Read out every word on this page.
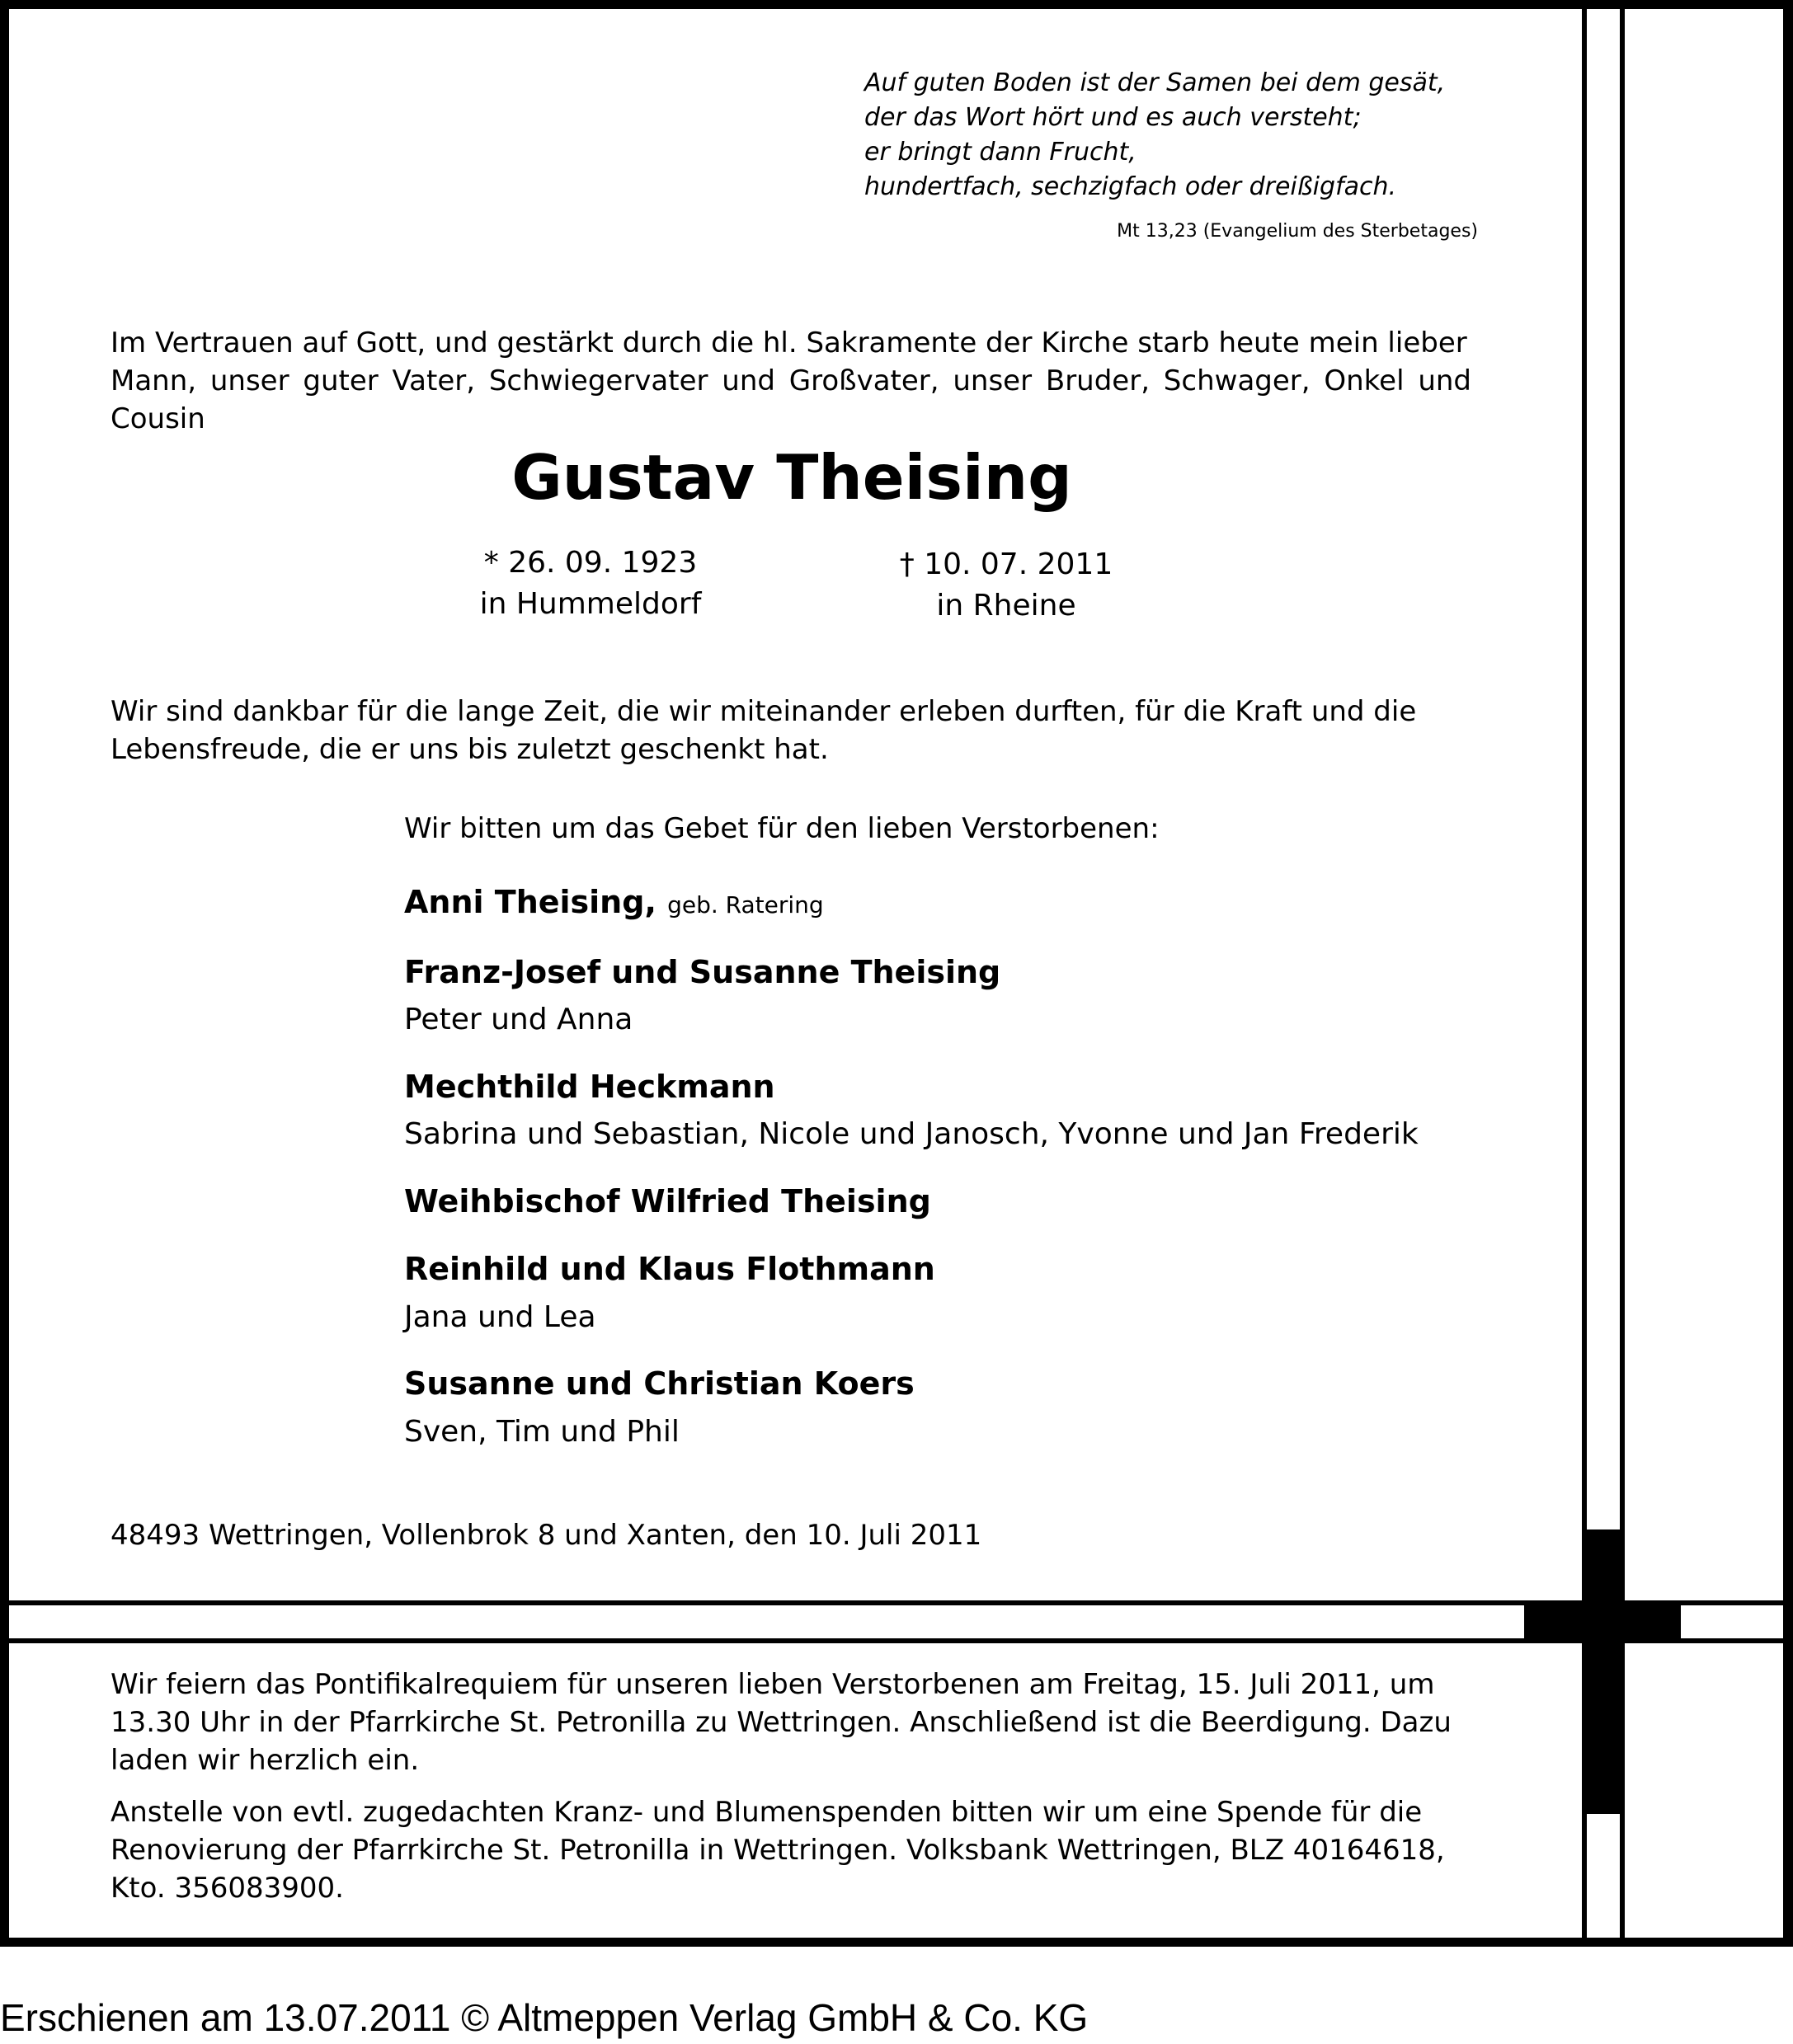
Auf guten Boden ist der Samen bei dem gesät,
der das Wort hört und es auch versteht;
er bringt dann Frucht,
hundertfach, sechzigfach oder dreißigfach.
Mt 13,23 (Evangelium des Sterbetages)
Im Vertrauen auf Gott, und gestärkt durch die hl. Sakramente der Kirche starb heute mein lieber
Mann, unser guter Vater, Schwiegervater und Großvater, unser Bruder, Schwager, Onkel und Cousin
Gustav Theising
* 26. 09. 1923
in Hummeldorf
† 10. 07. 2011
in Rheine
Wir sind dankbar für die lange Zeit, die wir miteinander erleben durften, für die Kraft und die
Lebensfreude, die er uns bis zuletzt geschenkt hat.
Wir bitten um das Gebet für den lieben Verstorbenen:
Anni Theising, geb. Ratering
Franz-Josef und Susanne Theising
Peter und Anna
Mechthild Heckmann
Sabrina und Sebastian, Nicole und Janosch, Yvonne und Jan Frederik
Weihbischof Wilfried Theising
Reinhild und Klaus Flothmann
Jana und Lea
Susanne und Christian Koers
Sven, Tim und Phil
48493 Wettringen, Vollenbrok 8 und Xanten, den 10. Juli 2011
Wir feiern das Pontifikalrequiem für unseren lieben Verstorbenen am Freitag, 15. Juli 2011, um
13.30 Uhr in der Pfarrkirche St. Petronilla zu Wettringen. Anschließend ist die Beerdigung. Dazu
laden wir herzlich ein.
Anstelle von evtl. zugedachten Kranz- und Blumenspenden bitten wir um eine Spende für die
Renovierung der Pfarrkirche St. Petronilla in Wettringen. Volksbank Wettringen, BLZ 40164618,
Kto. 356083900.
Erschienen am 13.07.2011 © Altmeppen Verlag GmbH & Co. KG
